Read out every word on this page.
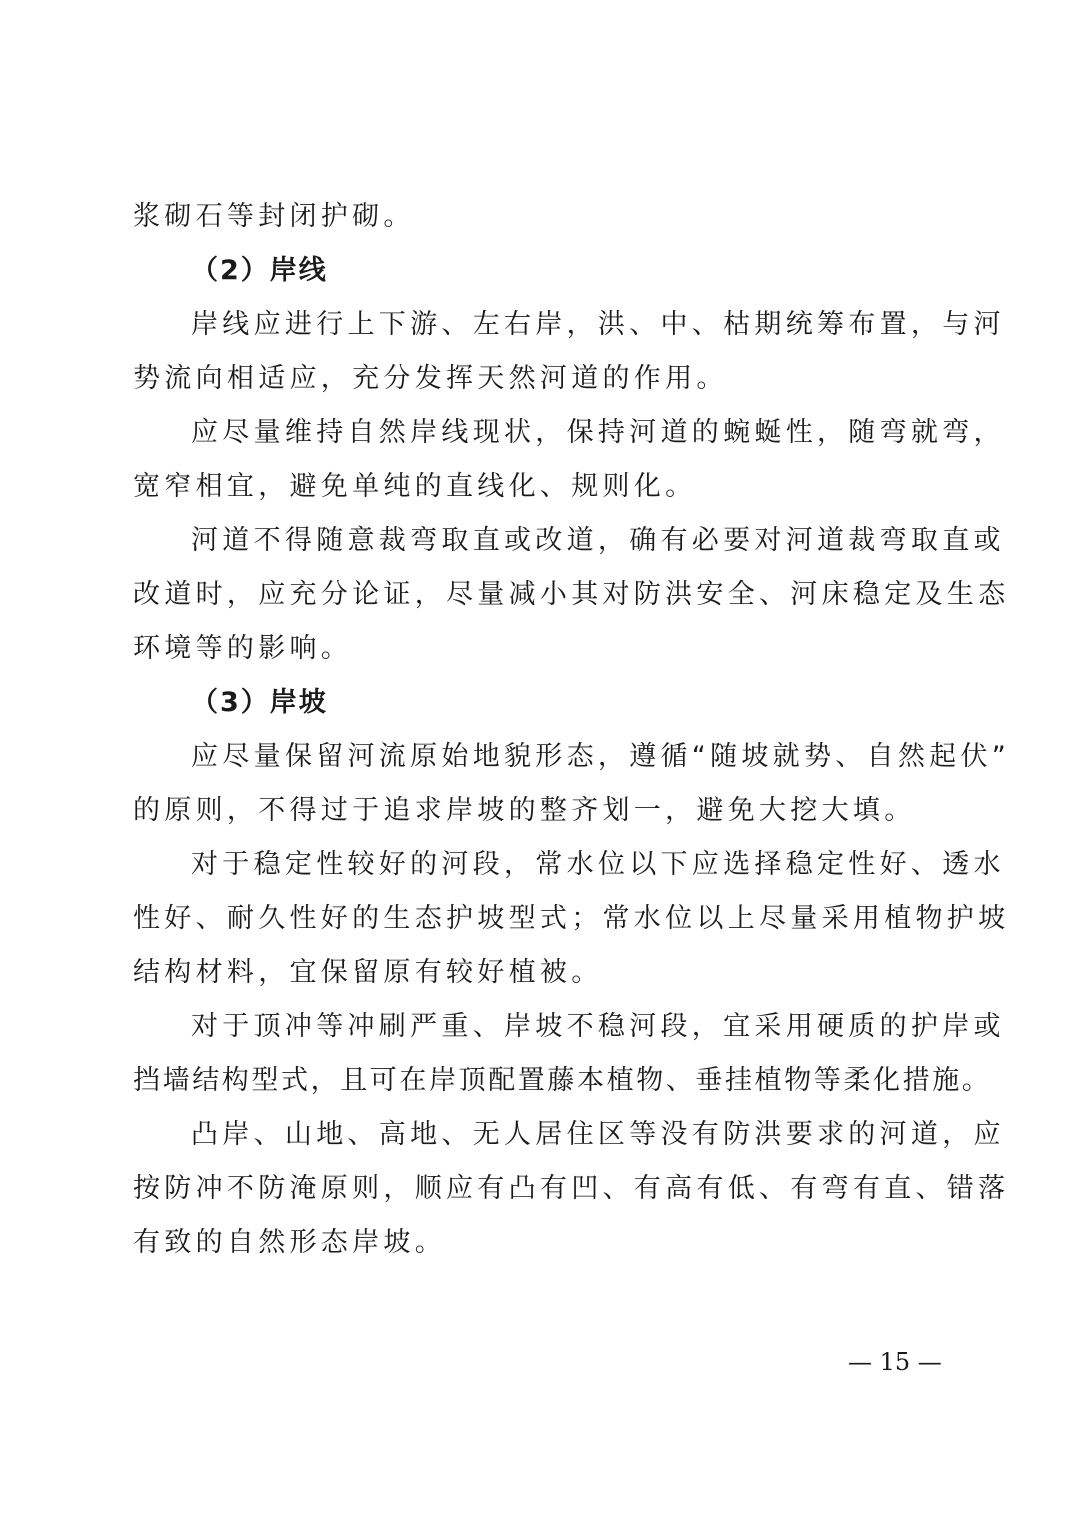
浆砌石等封闭护砌。
（2）岸线
岸线应进行上下游、左右岸，洪、中、枯期统筹布置，与河
势流向相适应，充分发挥天然河道的作用。
应尽量维持自然岸线现状，保持河道的蜿蜒性，随弯就弯，
宽窄相宜，避免单纯的直线化、规则化。
河道不得随意裁弯取直或改道，确有必要对河道裁弯取直或
改道时，应充分论证，尽量减小其对防洪安全、河床稳定及生态
环境等的影响。
（3）岸坡
应尽量保留河流原始地貌形态，遵循“随坡就势、自然起伏”
的原则，不得过于追求岸坡的整齐划一，避免大挖大填。
对于稳定性较好的河段，常水位以下应选择稳定性好、透水
性好、耐久性好的生态护坡型式；常水位以上尽量采用植物护坡
结构材料，宜保留原有较好植被。
对于顶冲等冲刷严重、岸坡不稳河段，宜采用硬质的护岸或
挡墙结构型式，且可在岸顶配置藤本植物、垂挂植物等柔化措施。
凸岸、山地、高地、无人居住区等没有防洪要求的河道，应
按防冲不防淹原则，顺应有凸有凹、有高有低、有弯有直、错落
有致的自然形态岸坡。
— 15 —
